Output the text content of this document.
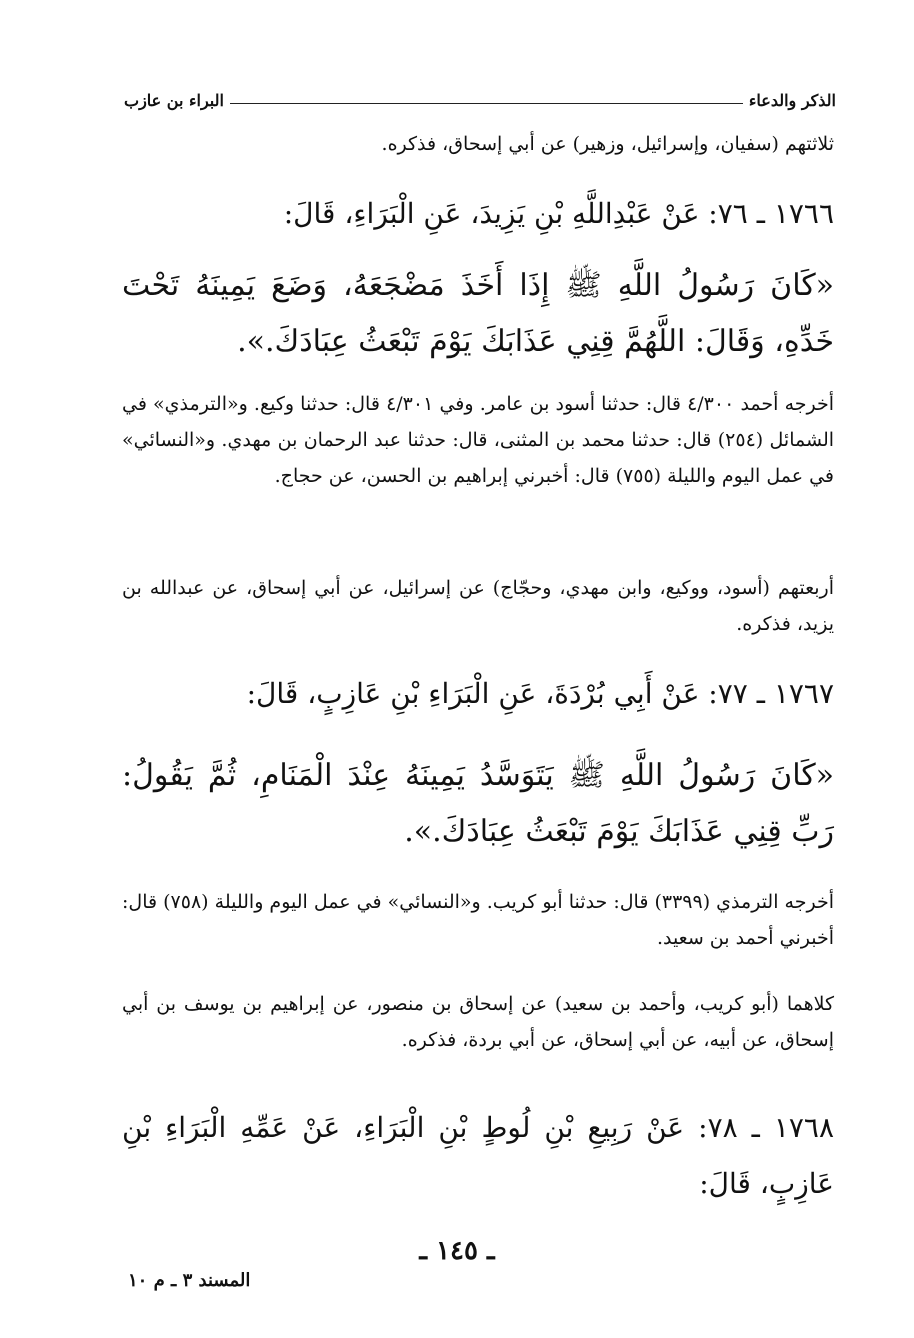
الذكر والدعاء
البراء بن عازب
ثلاثتهم (سفيان، وإسرائيل، وزهير) عن أبي إسحاق، فذكره.
١٧٦٦ ـ ٧٦: عَنْ عَبْدِاللَّهِ بْنِ يَزِيدَ، عَنِ الْبَرَاءِ، قَالَ:
«كَانَ رَسُولُ اللَّهِ ﷺ إِذَا أَخَذَ مَضْجَعَهُ، وَضَعَ يَمِينَهُ تَحْتَ خَدِّهِ، وَقَالَ: اللَّهُمَّ قِنِي عَذَابَكَ يَوْمَ تَبْعَثُ عِبَادَكَ.».
أخرجه أحمد ٤/٣٠٠ قال: حدثنا أسود بن عامر. وفي ٤/٣٠١ قال: حدثنا وكيع. و«الترمذي» في الشمائل (٢٥٤) قال: حدثنا محمد بن المثنى، قال: حدثنا عبد الرحمان بن مهدي. و«النسائي» في عمل اليوم والليلة (٧٥٥) قال: أخبرني إبراهيم بن الحسن، عن حجاج.
أربعتهم (أسود، ووكيع، وابن مهدي، وحجّاج) عن إسرائيل، عن أبي إسحاق، عن عبدالله بن يزيد، فذكره.
١٧٦٧ ـ ٧٧: عَنْ أَبِي بُرْدَةَ، عَنِ الْبَرَاءِ بْنِ عَازِبٍ، قَالَ:
«كَانَ رَسُولُ اللَّهِ ﷺ يَتَوَسَّدُ يَمِينَهُ عِنْدَ الْمَنَامِ، ثُمَّ يَقُولُ: رَبِّ قِنِي عَذَابَكَ يَوْمَ تَبْعَثُ عِبَادَكَ.».
أخرجه الترمذي (٣٣٩٩) قال: حدثنا أبو كريب. و«النسائي» في عمل اليوم والليلة (٧٥٨) قال: أخبرني أحمد بن سعيد.
كلاهما (أبو كريب، وأحمد بن سعيد) عن إسحاق بن منصور، عن إبراهيم بن يوسف بن أبي إسحاق، عن أبيه، عن أبي إسحاق، عن أبي بردة، فذكره.
١٧٦٨ ـ ٧٨: عَنْ رَبِيعِ بْنِ لُوطٍ بْنِ الْبَرَاءِ، عَنْ عَمِّهِ الْبَرَاءِ بْنِ عَازِبٍ، قَالَ:
ـ ١٤٥ ـ
المسند ٣ ـ م ١٠
